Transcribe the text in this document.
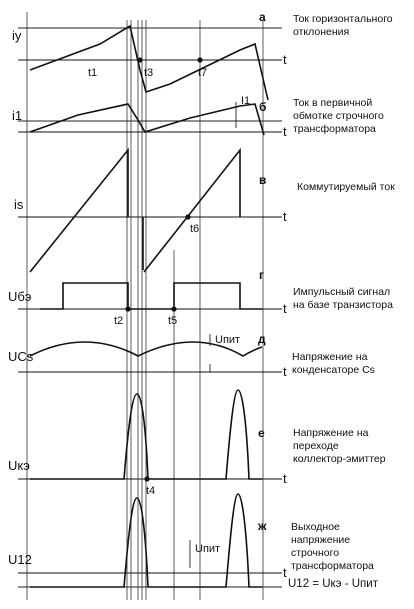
iy
t
t1	t3	t7
а	Ток горизонтального
отклонения
i1
I1
t
б	Ток в первичной
обмотке строчного
трансформатора
is
t
t6
в	Коммутируемый ток
Uбэ
t
t2	t5
г
Импульсный сигнал
на базе транзистора
UCs
Uпит
t
д
Напряжение на
конденсаторе Cs
Uкэ
t
t4
е	Напряжение на
переходе
коллектор-эмиттер
U12
Uпит
t
ж Выходное
напряжение
строчного
трансформатора
U12 = Uкэ - Uпит
